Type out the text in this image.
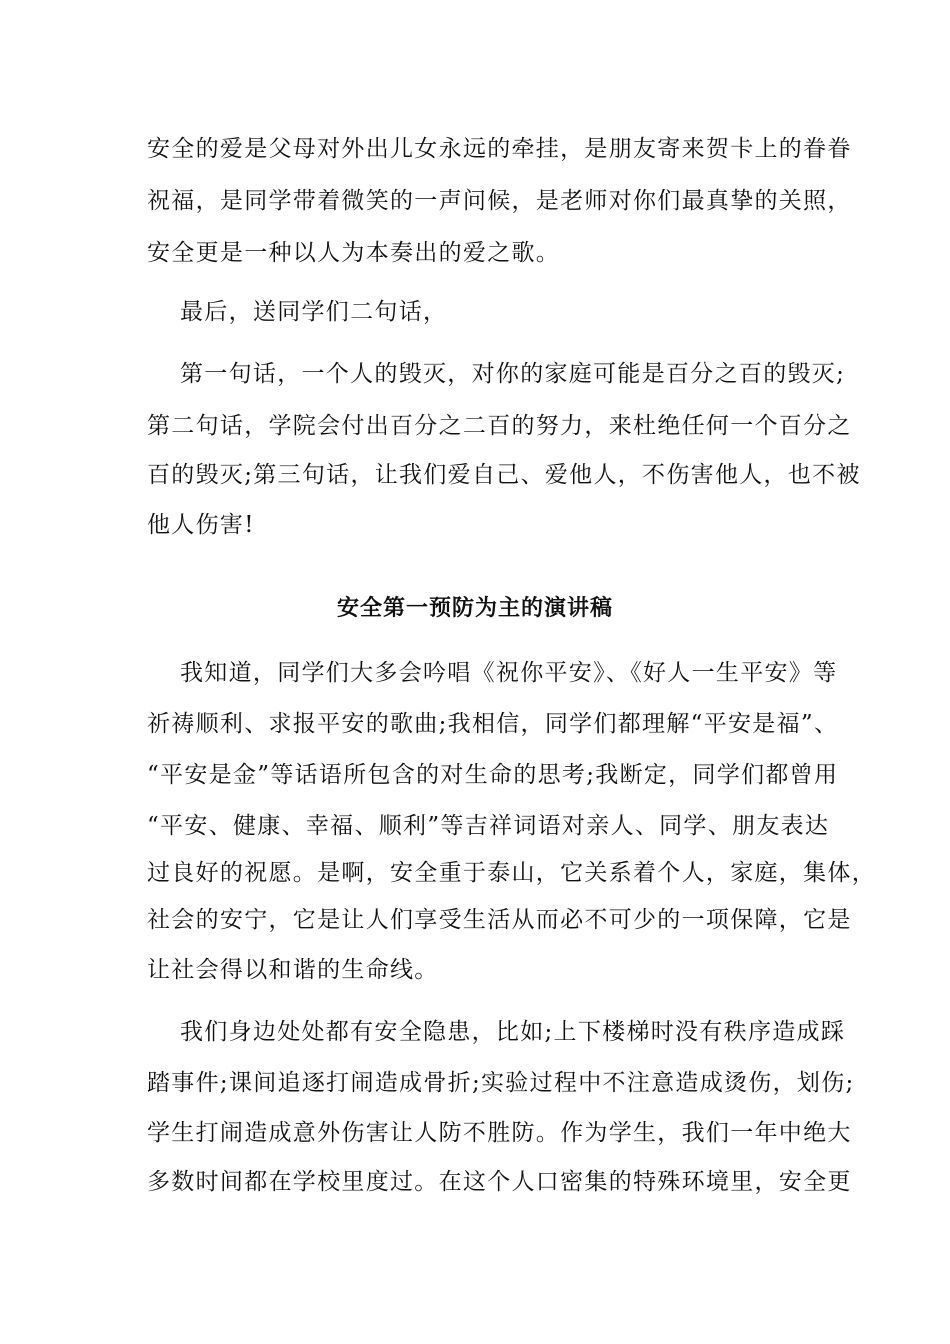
安全的爱是父母对外出儿女永远的牵挂，是朋友寄来贺卡上的眷眷
祝福，是同学带着微笑的一声问候，是老师对你们最真挚的关照，
安全更是一种以人为本奏出的爱之歌。
最后，送同学们二句话，
第一句话，一个人的毁灭，对你的家庭可能是百分之百的毁灭;
第二句话，学院会付出百分之二百的努力，来杜绝任何一个百分之
百的毁灭;第三句话，让我们爱自己、爱他人，不伤害他人，也不被
他人伤害!
安全第一预防为主的演讲稿
我知道，同学们大多会吟唱《祝你平安》、《好人一生平安》等
祈祷顺利、求报平安的歌曲;我相信，同学们都理解“平安是福”、
“平安是金”等话语所包含的对生命的思考;我断定，同学们都曾用
“平安、健康、幸福、顺利”等吉祥词语对亲人、同学、朋友表达
过良好的祝愿。是啊，安全重于泰山，它关系着个人，家庭，集体，
社会的安宁，它是让人们享受生活从而必不可少的一项保障，它是
让社会得以和谐的生命线。
我们身边处处都有安全隐患，比如;上下楼梯时没有秩序造成踩
踏事件;课间追逐打闹造成骨折;实验过程中不注意造成烫伤，划伤;
学生打闹造成意外伤害让人防不胜防。作为学生，我们一年中绝大
多数时间都在学校里度过。在这个人口密集的特殊环境里，安全更
